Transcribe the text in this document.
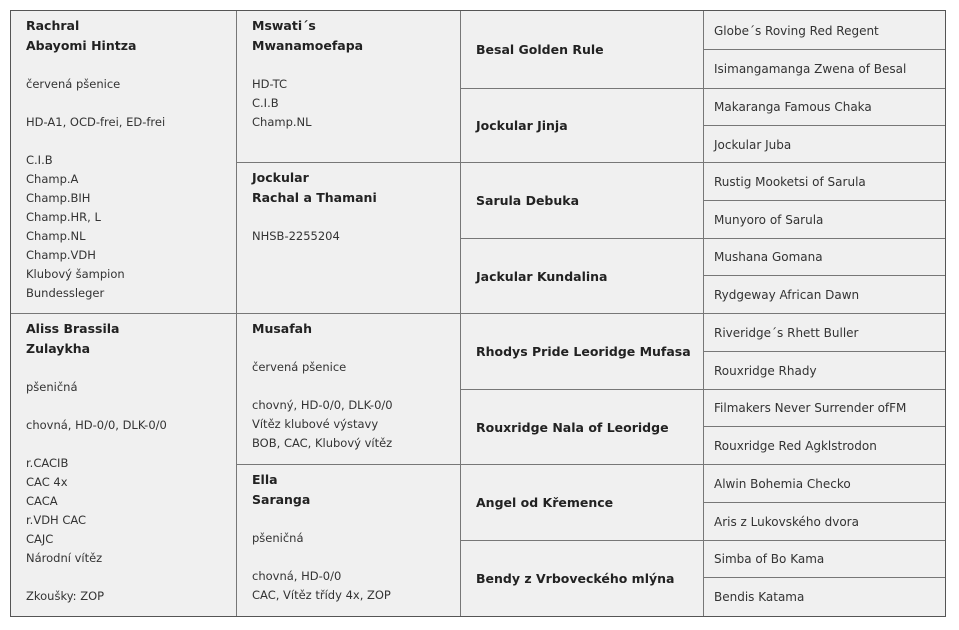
Rachral
Abayomi Hintza
červená pšenice
HD-A1, OCD-frei, ED-frei
C.I.B
Champ.A
Champ.BIH
Champ.HR, L
Champ.NL
Champ.VDH
Klubový šampion
Bundessleger
Aliss Brassila
Zulaykha
pšeničná
chovná, HD-0/0, DLK-0/0
r.CACIB
CAC 4x
CACA
r.VDH CAC
CAJC
Národní vítěz
Zkoušky: ZOP
Mswati´s
Mwanamoefapa
HD-TC
C.I.B
Champ.NL
Jockular
Rachal a Thamani
NHSB-2255204
Musafah
červená pšenice
chovný, HD-0/0, DLK-0/0
Vítěz klubové výstavy
BOB, CAC, Klubový vítěz
Ella
Saranga
pšeničná
chovná, HD-0/0
CAC, Vítěz třídy 4x, ZOP
Besal Golden Rule
Jockular Jinja
Sarula Debuka
Jackular Kundalina
Rhodys Pride Leoridge Mufasa
Rouxridge Nala of Leoridge
Angel od Křemence
Bendy z Vrboveckého mlýna
Globe´s Roving Red Regent
Isimangamanga Zwena of Besal
Makaranga Famous Chaka
Jockular Juba
Rustig Mooketsi of Sarula
Munyoro of Sarula
Mushana Gomana
Rydgeway African Dawn
Riveridge´s Rhett Buller
Rouxridge Rhady
Filmakers Never Surrender ofFM
Rouxridge Red Agklstrodon
Alwin Bohemia Checko
Aris z Lukovského dvora
Simba of Bo Kama
Bendis Katama
